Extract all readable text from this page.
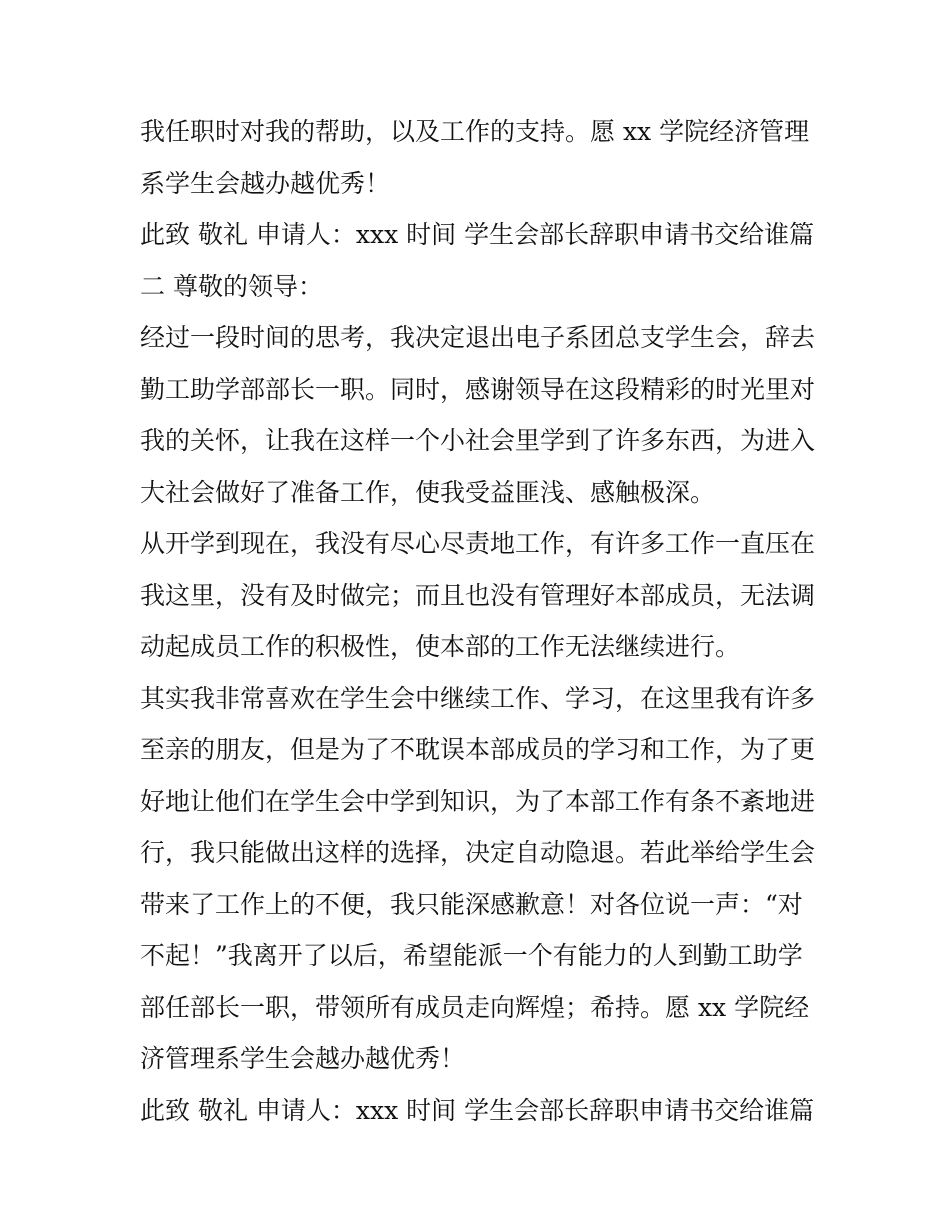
我任职时对我的帮助，以及工作的支持。愿 xx 学院经济管理
系学生会越办越优秀！
此致 敬礼 申请人：xxx 时间 学生会部长辞职申请书交给谁篇
二 尊敬的领导：
经过一段时间的思考，我决定退出电子系团总支学生会，辞去
勤工助学部部长一职。同时，感谢领导在这段精彩的时光里对
我的关怀，让我在这样一个小社会里学到了许多东西，为进入
大社会做好了准备工作，使我受益匪浅、感触极深。
从开学到现在，我没有尽心尽责地工作，有许多工作一直压在
我这里，没有及时做完；而且也没有管理好本部成员，无法调
动起成员工作的积极性，使本部的工作无法继续进行。
其实我非常喜欢在学生会中继续工作、学习，在这里我有许多
至亲的朋友，但是为了不耽误本部成员的学习和工作，为了更
好地让他们在学生会中学到知识，为了本部工作有条不紊地进
行，我只能做出这样的选择，决定自动隐退。若此举给学生会
带来了工作上的不便，我只能深感歉意！对各位说一声：“对
不起！”我离开了以后，希望能派一个有能力的人到勤工助学
部任部长一职，带领所有成员走向辉煌；希持。愿 xx 学院经
济管理系学生会越办越优秀！
此致 敬礼 申请人：xxx 时间 学生会部长辞职申请书交给谁篇
